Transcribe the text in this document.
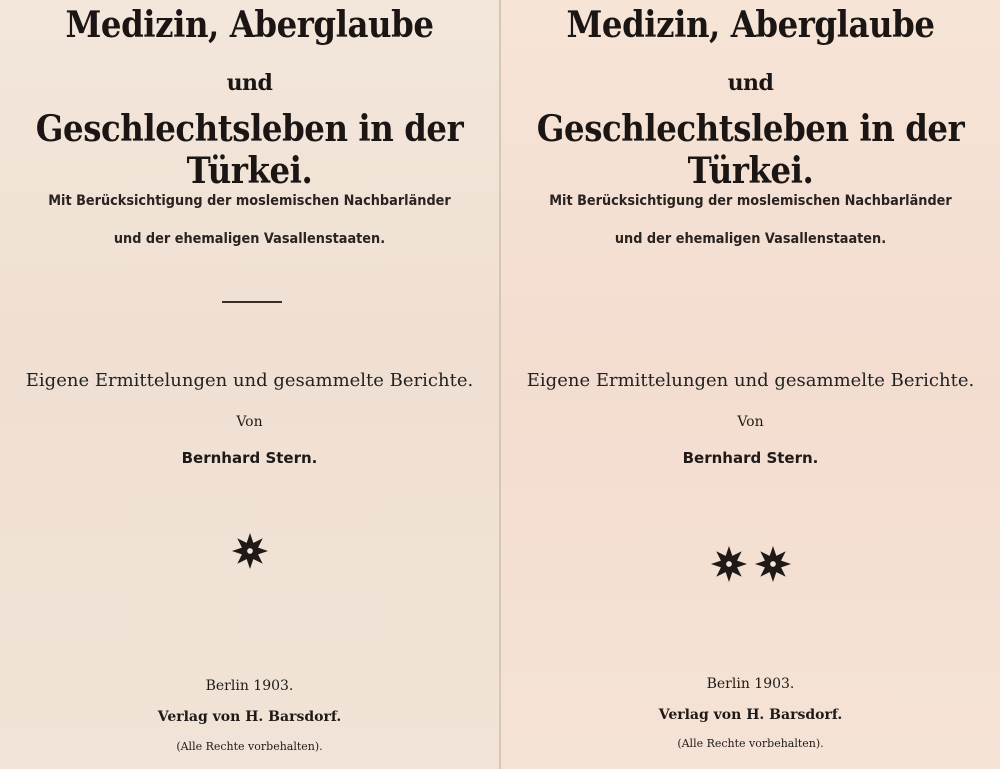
Medizin, Aberglaube
und
Geschlechtsleben in der Türkei.
Mit Berücksichtigung der moslemischen Nachbarländer
und der ehemaligen Vasallenstaaten.
Eigene Ermittelungen und gesammelte Berichte.
Von
Bernhard Stern.
Berlin 1903.
Verlag von H. Barsdorf.
(Alle Rechte vorbehalten).
Medizin, Aberglaube
und
Geschlechtsleben in der Türkei.
Mit Berücksichtigung der moslemischen Nachbarländer
und der ehemaligen Vasallenstaaten.
Eigene Ermittelungen und gesammelte Berichte.
Von
Bernhard Stern.
Berlin 1903.
Verlag von H. Barsdorf.
(Alle Rechte vorbehalten).
